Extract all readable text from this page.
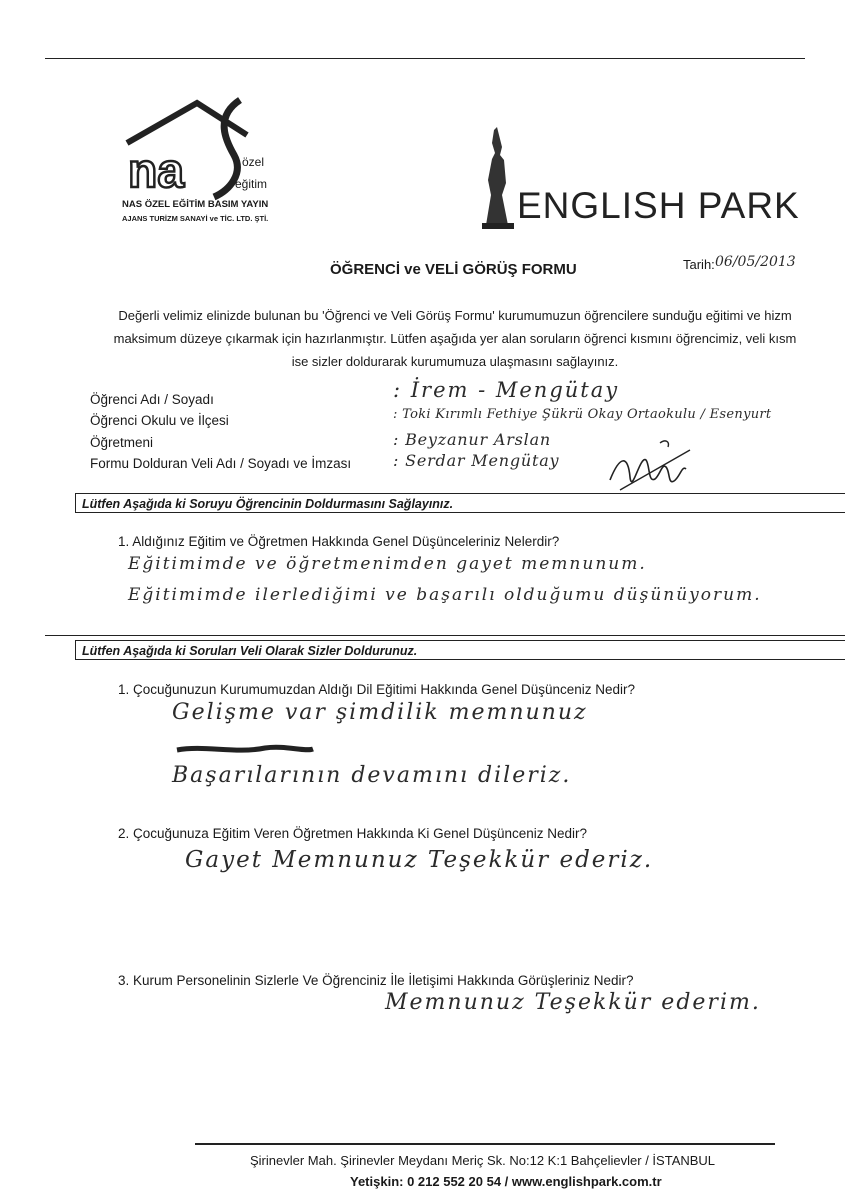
na	özel
eğitim
NAS ÖZEL EĞİTİM BASIM YAYIN
AJANS TURİZM SANAYİ ve TİC. LTD. ŞTİ.	ENGLISH PARK
ÖĞRENCİ ve VELİ GÖRÜŞ FORMU	Tarih: 06/05/2013
Değerli velimiz elinizde bulunan bu 'Öğrenci ve Veli Görüş Formu' kurumumuzun öğrencilere sunduğu eğitimi ve hizm
maksimum düzeye çıkarmak için hazırlanmıştır. Lütfen aşağıda yer alan soruların öğrenci kısmını öğrencimiz, veli kısm
ise sizler doldurarak kurumumuza ulaşmasını sağlayınız.
Öğrenci Adı / Soyadı	: İrem - Mengütay
Öğrenci Okulu ve İlçesi	: Toki Kırımlı Fethiye Şükrü Okay Ortaokulu / Esenyurt
Öğretmeni	: Beyzanur Arslan
Formu Dolduran Veli Adı / Soyadı ve İmzası	: Serdar Mengütay
Lütfen Aşağıda ki Soruyu Öğrencinin Doldurmasını Sağlayınız.
1. Aldığınız Eğitim ve Öğretmen Hakkında Genel Düşünceleriniz Nelerdir?
Eğitimimde ve öğretmenimden gayet memnunum.
Eğitimimde ilerlediğimi ve başarılı olduğumu düşünüyorum.
Lütfen Aşağıda ki Soruları Veli Olarak Sizler Doldurunuz.
1. Çocuğunuzun Kurumumuzdan Aldığı Dil Eğitimi Hakkında Genel Düşünceniz Nedir?
Gelişme var şimdilik memnunuz
Başarılarının devamını dileriz.
2. Çocuğunuza Eğitim Veren Öğretmen Hakkında Ki Genel Düşünceniz Nedir?
Gayet Memnunuz Teşekkür ederiz.
3. Kurum Personelinin Sizlerle Ve Öğrenciniz İle İletişimi Hakkında Görüşleriniz Nedir?
Memnunuz Teşekkür ederim.
Şirinevler Mah. Şirinevler Meydanı Meriç Sk. No:12 K:1 Bahçelievler / İSTANBUL
Yetişkin: 0 212 552 20 54 / www.englishpark.com.tr
